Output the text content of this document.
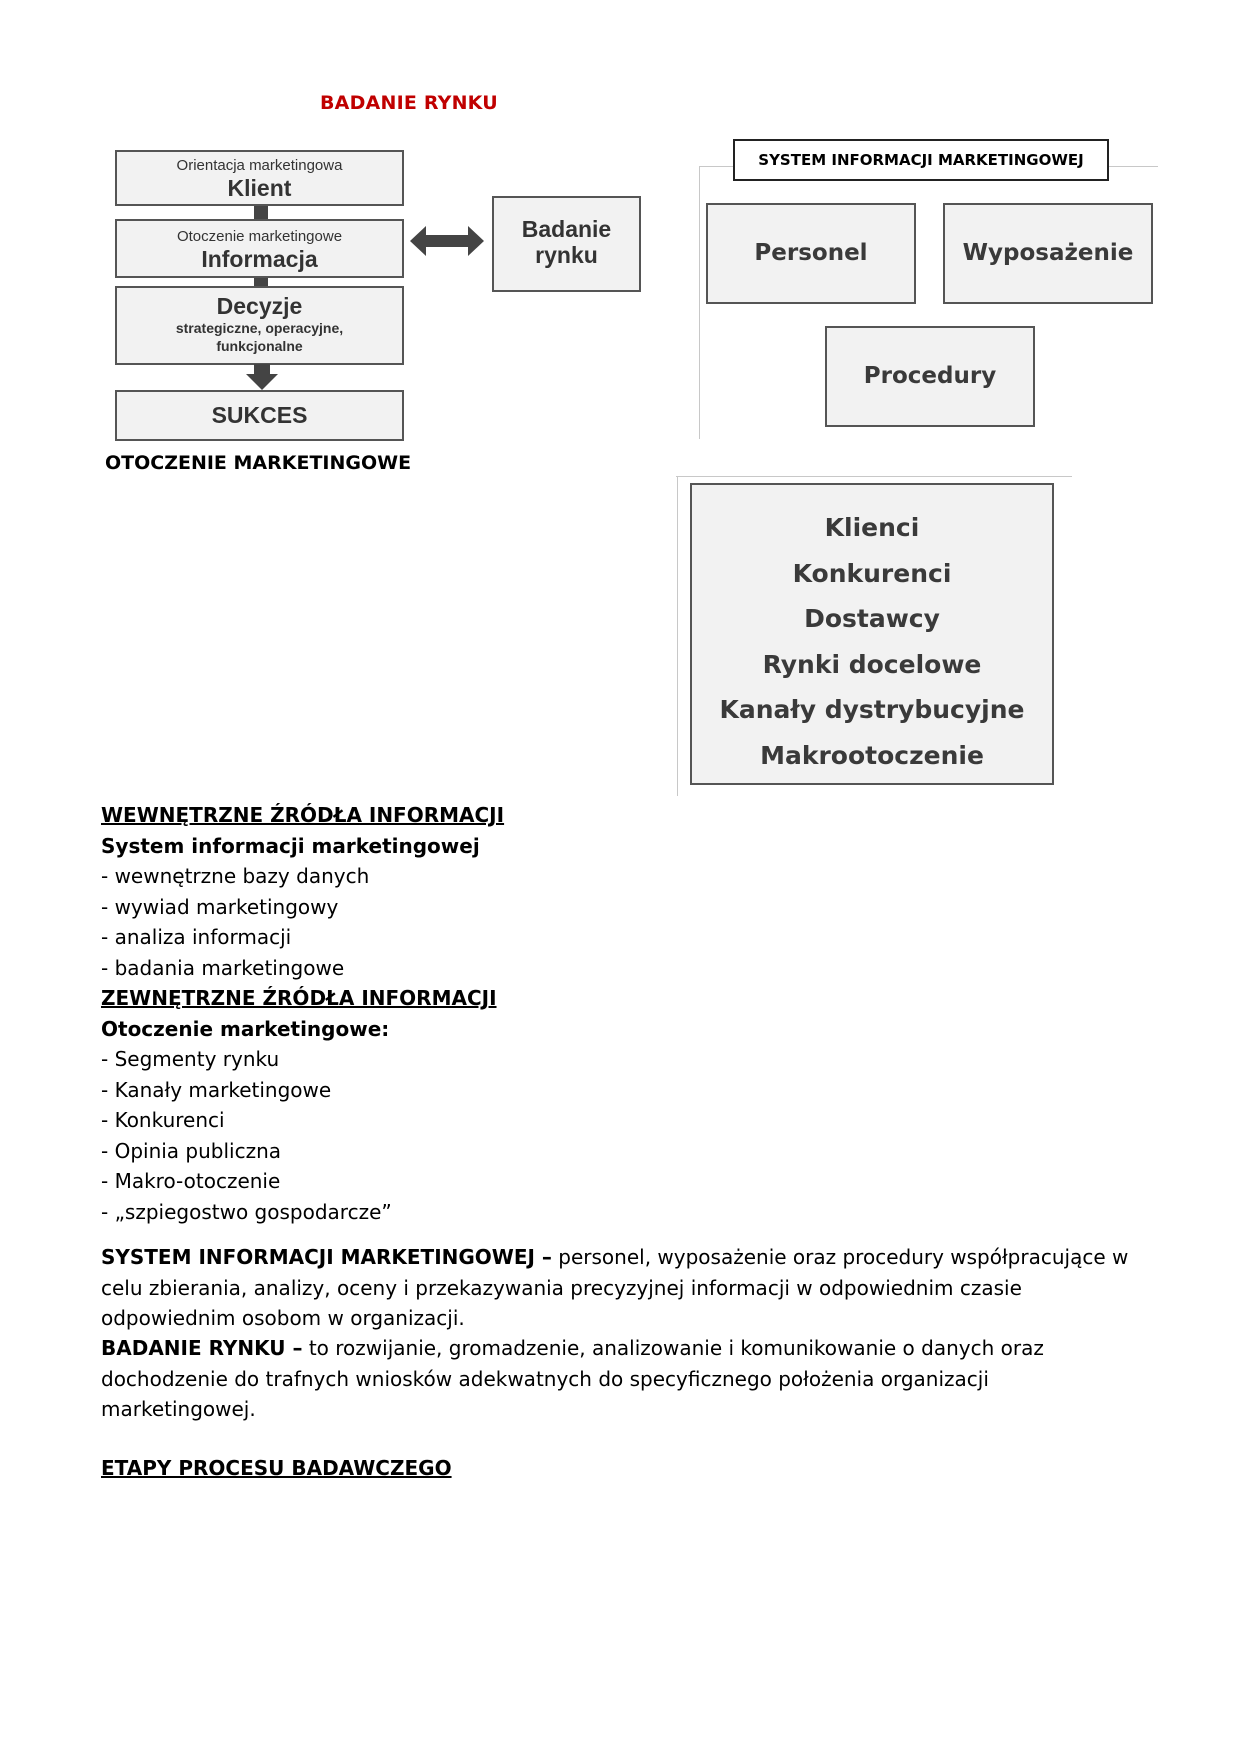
BADANIE RYNKU
Orientacja marketingowa
Klient
Otoczenie marketingowe
Informacja
Decyzje
strategiczne, operacyjne, funkcjonalne
SUKCES
Badanie
rynku
OTOCZENIE MARKETINGOWE
SYSTEM INFORMACJI MARKETINGOWEJ
Personel	Wyposażenie
Procedury
Klienci
Konkurenci
Dostawcy
Rynki docelowe
Kanały dystrybucyjne
Makrootoczenie
WEWNĘTRZNE ŹRÓDŁA INFORMACJI
System informacji marketingowej
- wewnętrzne bazy danych
- wywiad marketingowy
- analiza informacji
- badania marketingowe
ZEWNĘTRZNE ŹRÓDŁA INFORMACJI
Otoczenie marketingowe:
- Segmenty rynku
- Kanały marketingowe
- Konkurenci
- Opinia publiczna
- Makro-otoczenie
- „szpiegostwo gospodarcze”
SYSTEM INFORMACJI MARKETINGOWEJ – personel, wyposażenie oraz procedury współpracujące w celu zbierania, analizy, oceny i przekazywania precyzyjnej informacji w odpowiednim czasie odpowiednim osobom w organizacji.
BADANIE RYNKU – to rozwijanie, gromadzenie, analizowanie i komunikowanie o danych oraz dochodzenie do trafnych wniosków adekwatnych do specyficznego położenia organizacji marketingowej.
ETAPY PROCESU BADAWCZEGO
